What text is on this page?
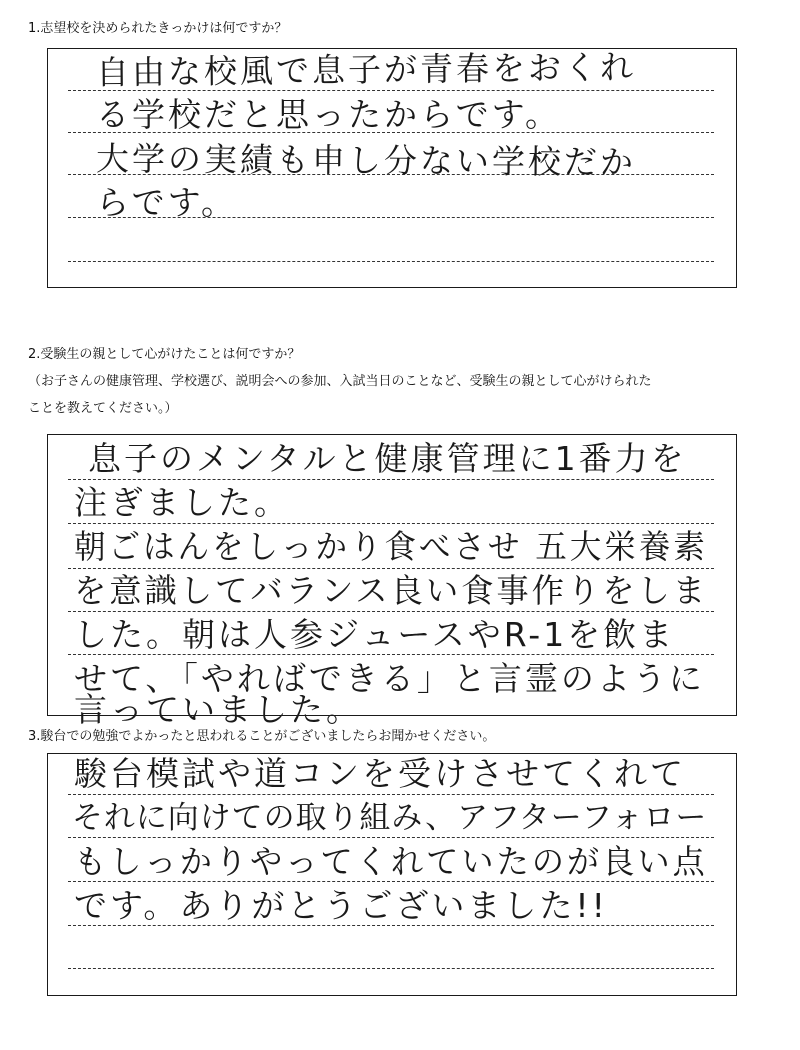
1.志望校を決められたきっかけは何ですか？
自由な校風で息子が青春をおくれ
る学校だと思ったからです。
大学の実績も申し分ない学校だか
らです。
2.受験生の親として心がけたことは何ですか？
（お子さんの健康管理、学校選び、説明会への参加、入試当日のことなど、受験生の親として心がけられた
ことを教えてください。）
息子のメンタルと健康管理に1番力を
注ぎました。
朝ごはんをしっかり食べさせ 五大栄養素
を意識してバランス良い食事作りをしま
した。朝は人参ジュースやR-1を飲ま
せて、「やればできる」と言霊のように
言っていました。
3.駿台での勉強でよかったと思われることがございましたらお聞かせください。
駿台模試や道コンを受けさせてくれて
それに向けての取り組み、アフターフォロー
もしっかりやってくれていたのが良い点
です。ありがとうございました!!
